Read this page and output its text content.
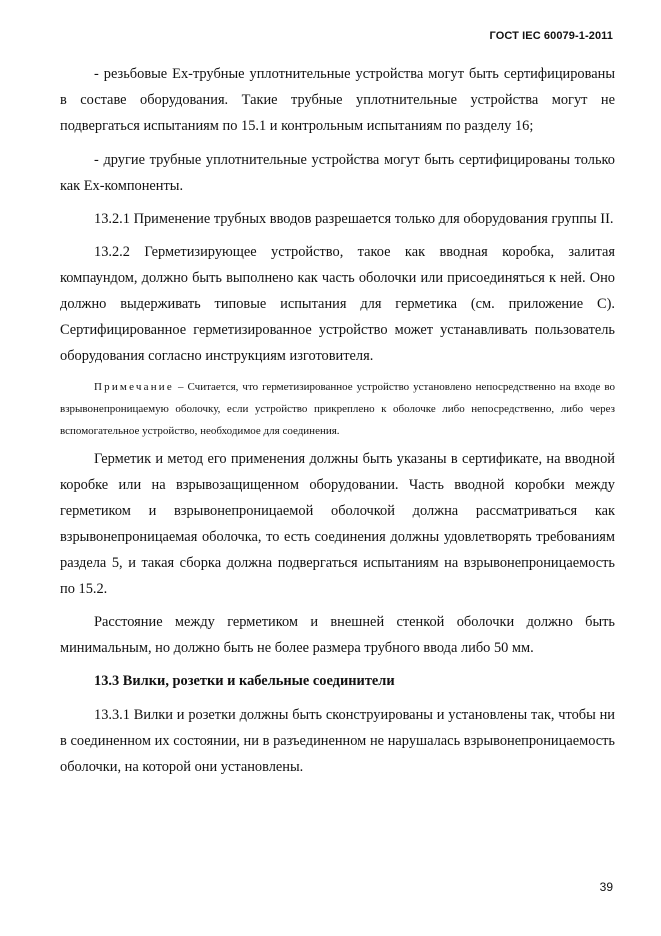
ГОСТ IEC 60079-1-2011

- резьбовые Ex-трубные уплотнительные устройства могут быть сертифицированы в составе оборудования. Такие трубные уплотнительные устройства могут не подвергаться испытаниям по 15.1 и контрольным испытаниям по разделу 16;

- другие трубные уплотнительные устройства могут быть сертифицированы только как Ex-компоненты.

13.2.1 Применение трубных вводов разрешается только для оборудования группы II.

13.2.2 Герметизирующее устройство, такое как вводная коробка, залитая компаундом, должно быть выполнено как часть оболочки или присоединяться к ней. Оно должно выдерживать типовые испытания для герметика (см. приложение С). Сертифицированное герметизированное устройство может устанавливать пользователь оборудования согласно инструкциям изготовителя.

Примечание – Считается, что герметизированное устройство установлено непосредственно на входе во взрывонепроницаемую оболочку, если устройство прикреплено к оболочке либо непосредственно, либо через вспомогательное устройство, необходимое для соединения.

Герметик и метод его применения должны быть указаны в сертификате, на вводной коробке или на взрывозащищенном оборудовании. Часть вводной коробки между герметиком и взрывонепроницаемой оболочкой должна рассматриваться как взрывонепроницаемая оболочка, то есть соединения должны удовлетворять требованиям раздела 5, и такая сборка должна подвергаться испытаниям на взрывонепроницаемость по 15.2.

Расстояние между герметиком и внешней стенкой оболочки должно быть минимальным, но должно быть не более размера трубного ввода либо 50 мм.

13.3 Вилки, розетки и кабельные соединители

13.3.1 Вилки и розетки должны быть сконструированы и установлены так, чтобы ни в соединенном их состоянии, ни в разъединенном не нарушалась взрывонепроницаемость оболочки, на которой они установлены.

39
